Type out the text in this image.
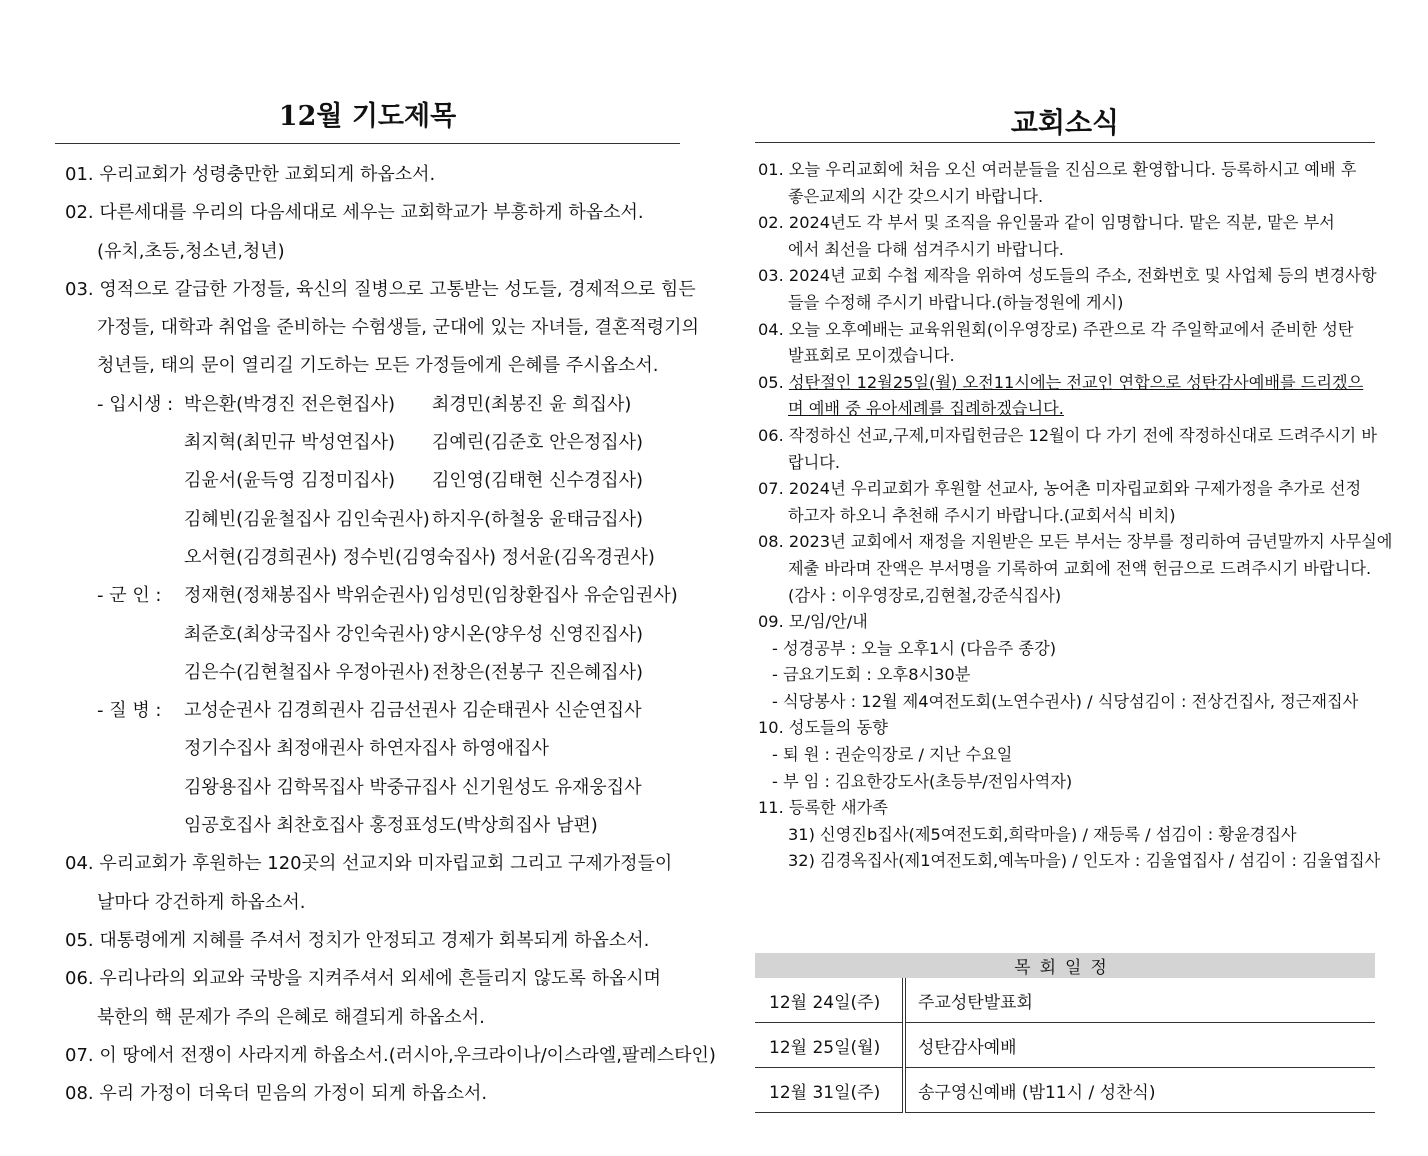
12월 기도제목
01. 우리교회가 성령충만한 교회되게 하옵소서.
02. 다른세대를 우리의 다음세대로 세우는 교회학교가 부흥하게 하옵소서.
(유치,초등,청소년,청년)
03. 영적으로 갈급한 가정들, 육신의 질병으로 고통받는 성도들, 경제적으로 힘든
가정들, 대학과 취업을 준비하는 수험생들, 군대에 있는 자녀들, 결혼적령기의
청년들, 태의 문이 열리길 기도하는 모든 가정들에게 은혜를 주시옵소서.
- 입시생 : 박은환(박경진 전은현집사)	최경민(최봉진 윤 희집사)
최지혁(최민규 박성연집사)	김예린(김준호 안은정집사)
김윤서(윤득영 김정미집사)	김인영(김태현 신수경집사)
김혜빈(김윤철집사 김인숙권사) 하지우(하철웅 윤태금집사)
오서현(김경희권사) 정수빈(김영숙집사) 정서윤(김옥경권사)
- 군 인 :	정재현(정채봉집사 박위순권사) 임성민(임창환집사 유순임권사)
최준호(최상국집사 강인숙권사) 양시온(양우성 신영진집사)
김은수(김현철집사 우정아권사) 전창은(전봉구 진은혜집사)
- 질 병 :	고성순권사 김경희권사 김금선권사 김순태권사 신순연집사
정기수집사 최정애권사 하연자집사 하영애집사
김왕용집사 김학목집사 박중규집사 신기원성도 유재웅집사
임공호집사 최찬호집사 홍정표성도(박상희집사 남편)
04. 우리교회가 후원하는 120곳의 선교지와 미자립교회 그리고 구제가정들이
날마다 강건하게 하옵소서.
05. 대통령에게 지혜를 주셔서 정치가 안정되고 경제가 회복되게 하옵소서.
06. 우리나라의 외교와 국방을 지켜주셔서 외세에 흔들리지 않도록 하옵시며
북한의 핵 문제가 주의 은혜로 해결되게 하옵소서.
07. 이 땅에서 전쟁이 사라지게 하옵소서.(러시아,우크라이나/이스라엘,팔레스타인)
08. 우리 가정이 더욱더 믿음의 가정이 되게 하옵소서.
교회소식
01. 오늘 우리교회에 처음 오신 여러분들을 진심으로 환영합니다. 등록하시고 예배 후
좋은교제의 시간 갖으시기 바랍니다.
02. 2024년도 각 부서 및 조직을 유인물과 같이 임명합니다. 맡은 직분, 맡은 부서
에서 최선을 다해 섬겨주시기 바랍니다.
03. 2024년 교회 수첩 제작을 위하여 성도들의 주소, 전화번호 및 사업체 등의 변경사항
들을 수정해 주시기 바랍니다.(하늘정원에 게시)
04. 오늘 오후예배는 교육위원회(이우영장로) 주관으로 각 주일학교에서 준비한 성탄
발표회로 모이겠습니다.
05. 성탄절인 12월25일(월) 오전11시에는 전교인 연합으로 성탄감사예배를 드리겠으
며 예배 중 유아세례를 집례하겠습니다.
06. 작정하신 선교,구제,미자립헌금은 12월이 다 가기 전에 작정하신대로 드려주시기 바
랍니다.
07. 2024년 우리교회가 후원할 선교사, 농어촌 미자립교회와 구제가정을 추가로 선정
하고자 하오니 추천해 주시기 바랍니다.(교회서식 비치)
08. 2023년 교회에서 재정을 지원받은 모든 부서는 장부를 정리하여 금년말까지 사무실에
제출 바라며 잔액은 부서명을 기록하여 교회에 전액 헌금으로 드려주시기 바랍니다.
(감사 : 이우영장로,김현철,강준식집사)
09. 모/임/안/내
- 성경공부 : 오늘 오후1시 (다음주 종강)
- 금요기도회 : 오후8시30분
- 식당봉사 : 12월 제4여전도회(노연수권사) / 식당섬김이 : 전상건집사, 정근재집사
10. 성도들의 동향
- 퇴 원 : 권순익장로 / 지난 수요일
- 부 임 : 김요한강도사(초등부/전임사역자)
11. 등록한 새가족
31) 신영진b집사(제5여전도회,희락마을) / 재등록 / 섬김이 : 황윤경집사
32) 김경옥집사(제1여전도회,예녹마을) / 인도자 : 김울엽집사 / 섬김이 : 김울엽집사
목회일정	
12월 24일(주)	주교성탄발표회
12월 25일(월)	성탄감사예배
12월 31일(주)	송구영신예배 (밤11시 / 성찬식)
